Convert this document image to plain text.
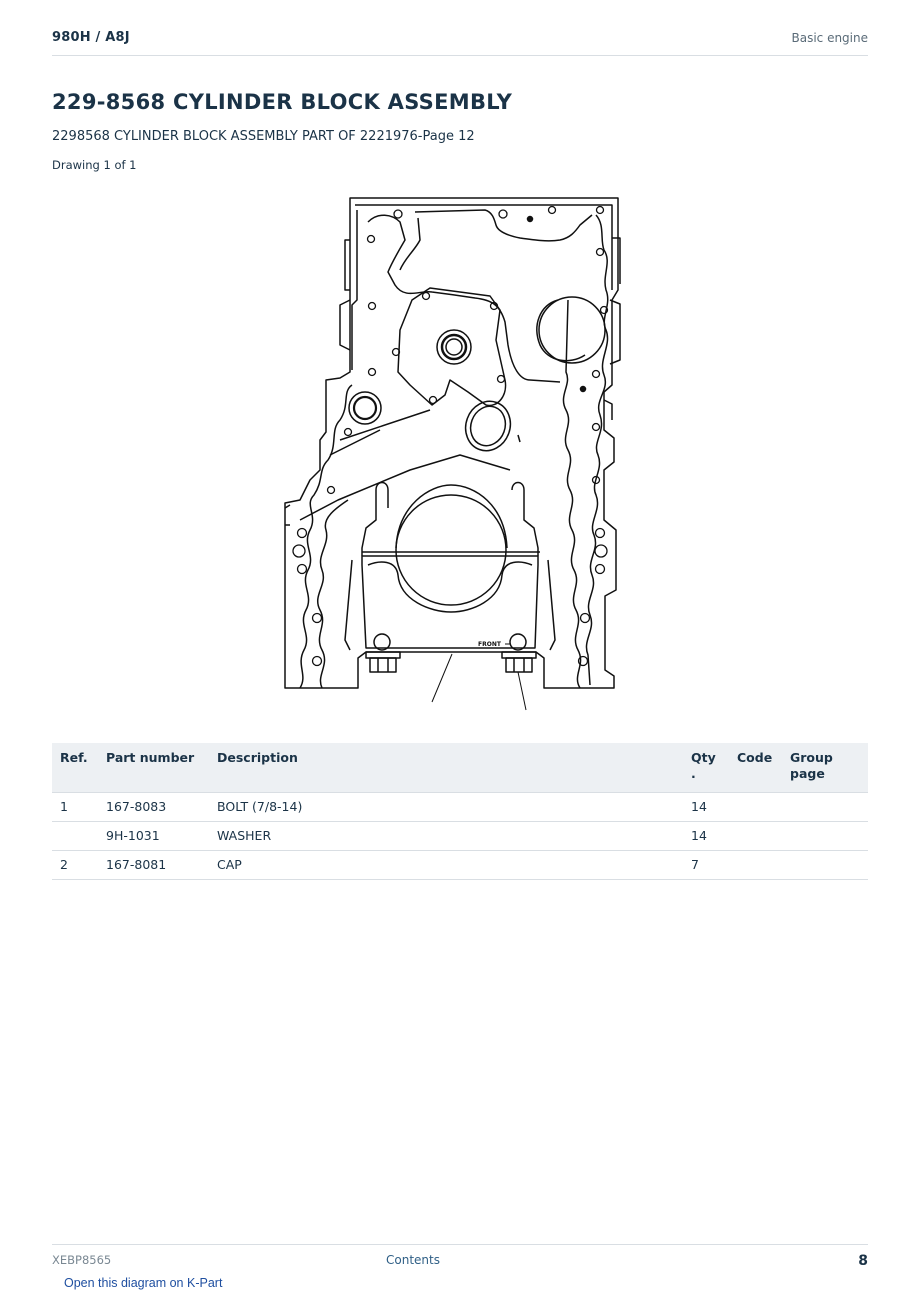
980H / A8J	Basic engine
229-8568 CYLINDER BLOCK ASSEMBLY
2298568 CYLINDER BLOCK ASSEMBLY PART OF 2221976-Page 12
Drawing 1 of 1
FRONT
Ref.	Part number	Description	Qty .	Code	Group page
1	167-8083	BOLT (7/8-14)	14		
	9H-1031	WASHER	14		
2	167-8081	CAP	7		
XEBP8565	Contents	8
Open this diagram on K-Part
